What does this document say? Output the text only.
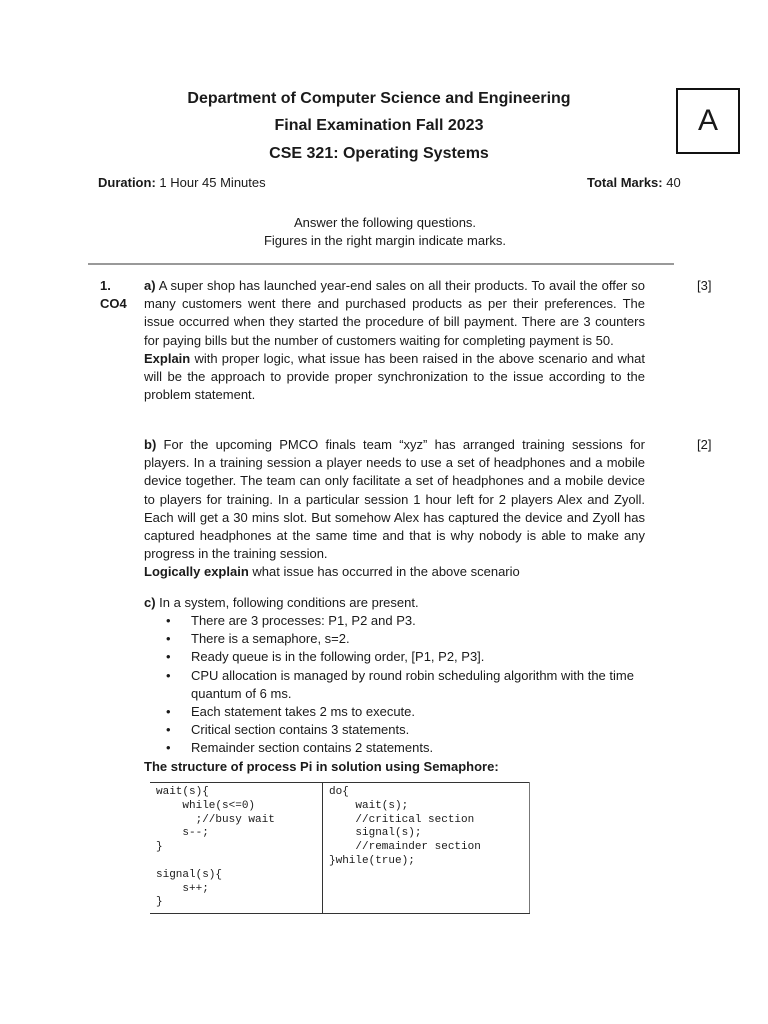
Department of Computer Science and Engineering
Final Examination Fall 2023
CSE 321: Operating Systems
A
Duration: 1 Hour 45 Minutes	Total Marks: 40
Answer the following questions.
Figures in the right margin indicate marks.
1.
CO4
a) A super shop has launched year-end sales on all their products. To avail the offer so many customers went there and purchased products as per their preferences. The issue occurred when they started the procedure of bill payment. There are 3 counters for paying bills but the number of customers waiting for completing payment is 50.
Explain with proper logic, what issue has been raised in the above scenario and what will be the approach to provide proper synchronization to the issue according to the problem statement.
[3]
b) For the upcoming PMCO finals team “xyz” has arranged training sessions for players. In a training session a player needs to use a set of headphones and a mobile device together. The team can only facilitate a set of headphones and a mobile device to players for training. In a particular session 1 hour left for 2 players Alex and Zyoll. Each will get a 30 mins slot. But somehow Alex has captured the device and Zyoll has captured headphones at the same time and that is why nobody is able to make any progress in the training session.
Logically explain what issue has occurred in the above scenario
[2]
c) In a system, following conditions are present.
• There are 3 processes: P1, P2 and P3.
• There is a semaphore, s=2.
• Ready queue is in the following order, [P1, P2, P3].
• CPU allocation is managed by round robin scheduling algorithm with the time quantum of 6 ms.
• Each statement takes 2 ms to execute.
• Critical section contains 3 statements.
• Remainder section contains 2 statements.
The structure of process Pi in solution using Semaphore:
wait(s){
while(s<=0)
;//busy wait
s--;
}

signal(s){
s++;
}	do{
wait(s);
//critical section
signal(s);
//remainder section
}while(true);
